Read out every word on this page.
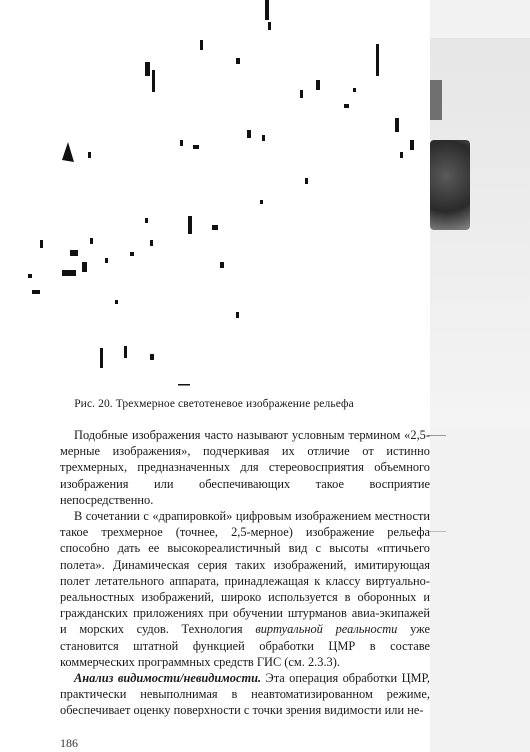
Рис. 20. Трехмерное светотеневое изображение рельефа

Подобные изображения часто называют условным термином «2,5-мерные изображения», подчеркивая их отличие от истинно трехмерных, предназначенных для стереовосприятия объемного изображения или обеспечивающих такое восприятие непосредственно.

В сочетании с «драпировкой» цифровым изображением местности такое трехмерное (точнее, 2,5-мерное) изображение рельефа способно дать ее высокореалистичный вид с высоты «птичьего полета». Динамическая серия таких изображений, имитирующая полет летательного аппарата, принадлежащая к классу виртуально-реальностных изображений, широко используется в оборонных и гражданских приложениях при обучении штурманов авиа-экипажей и морских судов. Технология виртуальной реальности уже становится штатной функцией обработки ЦМР в составе коммерческих программных средств ГИС (см. 2.3.3).

Анализ видимости/невидимости. Эта операция обработки ЦМР, практически невыполнимая в неавтоматизированном режиме, обеспечивает оценку поверхности с точки зрения видимости или не-

186
